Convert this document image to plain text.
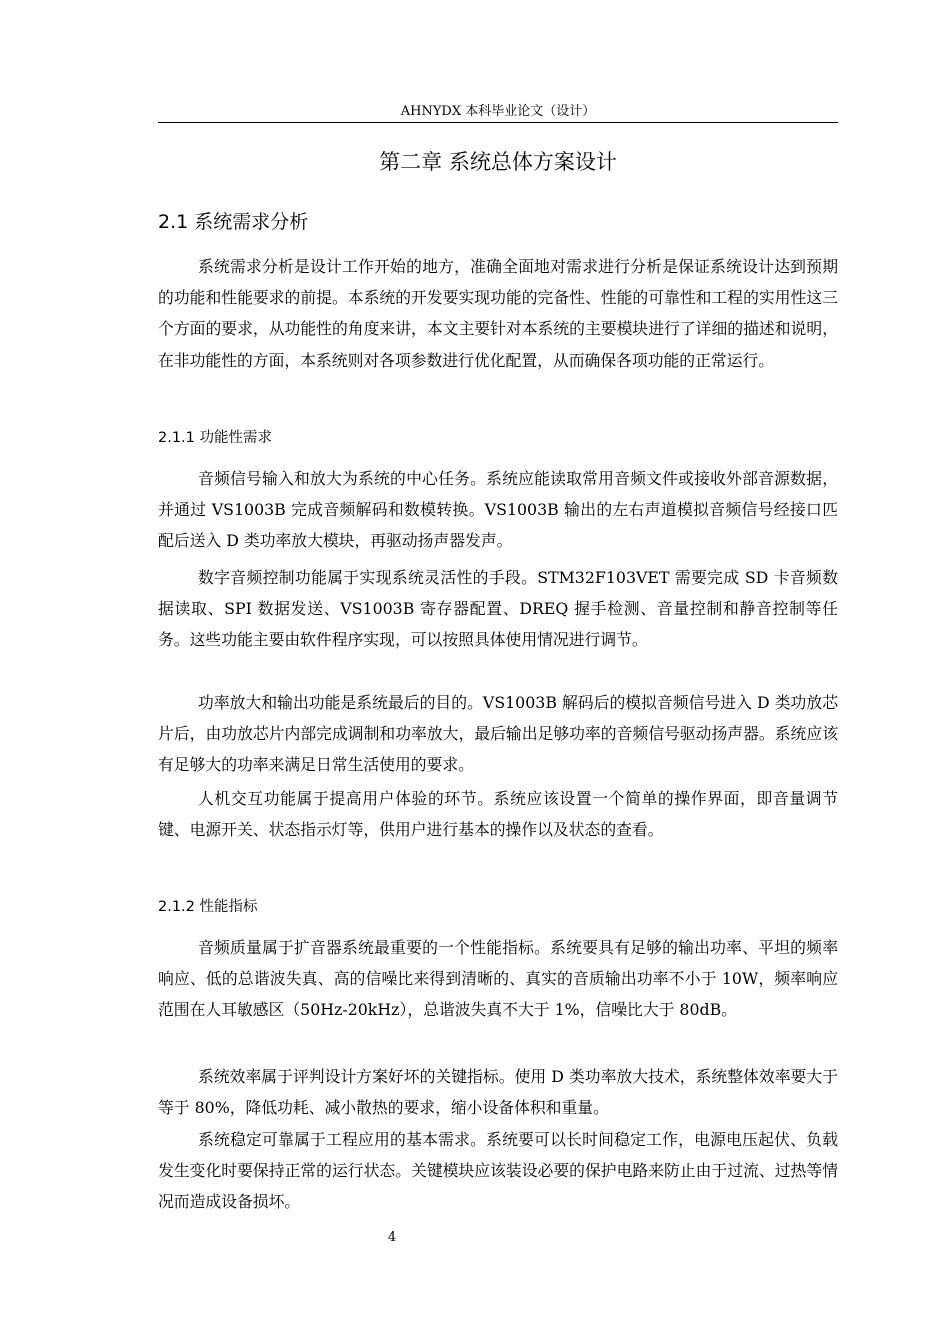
AHNYDX 本科毕业论文（设计）
第二章 系统总体方案设计
2.1 系统需求分析

系统需求分析是设计工作开始的地方，准确全面地对需求进行分析是保证系统设计达到预期的功能和性能要求的前提。本系统的开发要实现功能的完备性、性能的可靠性和工程的实用性这三个方面的要求，从功能性的角度来讲，本文主要针对本系统的主要模块进行了详细的描述和说明，在非功能性的方面，本系统则对各项参数进行优化配置，从而确保各项功能的正常运行。

2.1.1 功能性需求

音频信号输入和放大为系统的中心任务。系统应能读取常用音频文件或接收外部音源数据，并通过 VS1003B 完成音频解码和数模转换。VS1003B 输出的左右声道模拟音频信号经接口匹配后送入 D 类功率放大模块，再驱动扬声器发声。

数字音频控制功能属于实现系统灵活性的手段。STM32F103VET 需要完成 SD 卡音频数据读取、SPI 数据发送、VS1003B 寄存器配置、DREQ 握手检测、音量控制和静音控制等任务。这些功能主要由软件程序实现，可以按照具体使用情况进行调节。

功率放大和输出功能是系统最后的目的。VS1003B 解码后的模拟音频信号进入 D 类功放芯片后，由功放芯片内部完成调制和功率放大，最后输出足够功率的音频信号驱动扬声器。系统应该有足够大的功率来满足日常生活使用的要求。

人机交互功能属于提高用户体验的环节。系统应该设置一个简单的操作界面，即音量调节键、电源开关、状态指示灯等，供用户进行基本的操作以及状态的查看。

2.1.2 性能指标

音频质量属于扩音器系统最重要的一个性能指标。系统要具有足够的输出功率、平坦的频率响应、低的总谐波失真、高的信噪比来得到清晰的、真实的音质输出功率不小于 10W，频率响应范围在人耳敏感区（50Hz-20kHz），总谐波失真不大于 1%，信噪比大于 80dB。

系统效率属于评判设计方案好坏的关键指标。使用 D 类功率放大技术，系统整体效率要大于等于 80%，降低功耗、减小散热的要求，缩小设备体积和重量。

系统稳定可靠属于工程应用的基本需求。系统要可以长时间稳定工作，电源电压起伏、负载发生变化时要保持正常的运行状态。关键模块应该装设必要的保护电路来防止由于过流、过热等情况而造成设备损坏。

4
